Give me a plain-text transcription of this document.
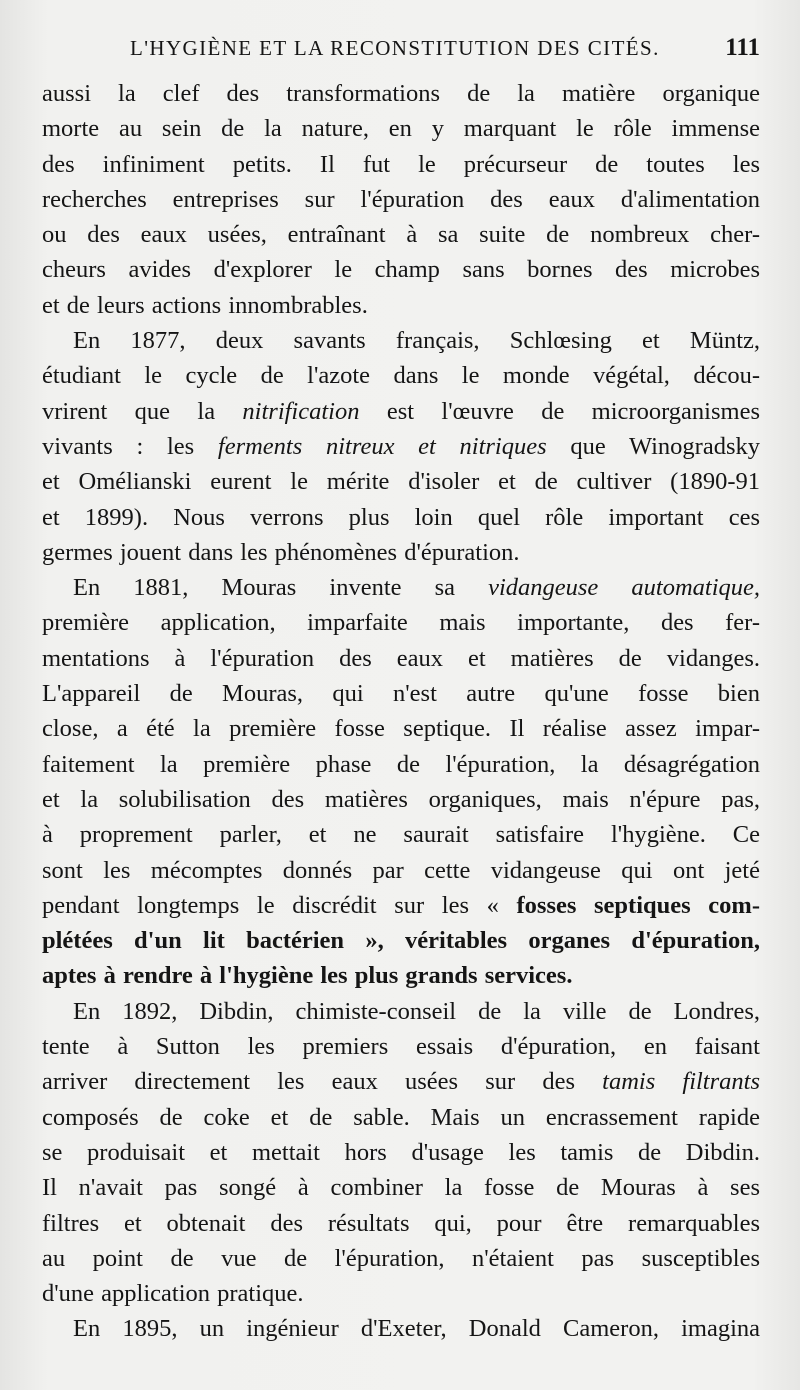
L'HYGIÈNE ET LA RECONSTITUTION DES CITÉS.	111
aussi la clef des transformations de la matière organique
morte au sein de la nature, en y marquant le rôle immense
des infiniment petits. Il fut le précurseur de toutes les
recherches entreprises sur l'épuration des eaux d'alimentation
ou des eaux usées, entraînant à sa suite de nombreux cher-
cheurs avides d'explorer le champ sans bornes des microbes
et de leurs actions innombrables.
En 1877, deux savants français, Schlœsing et Müntz,
étudiant le cycle de l'azote dans le monde végétal, décou-
vrirent que la nitrification est l'œuvre de microorganismes
vivants : les ferments nitreux et nitriques que Winogradsky
et Omélianski eurent le mérite d'isoler et de cultiver (1890-91
et 1899). Nous verrons plus loin quel rôle important ces
germes jouent dans les phénomènes d'épuration.
En 1881, Mouras invente sa vidangeuse automatique,
première application, imparfaite mais importante, des fer-
mentations à l'épuration des eaux et matières de vidanges.
L'appareil de Mouras, qui n'est autre qu'une fosse bien
close, a été la première fosse septique. Il réalise assez impar-
faitement la première phase de l'épuration, la désagrégation
et la solubilisation des matières organiques, mais n'épure pas,
à proprement parler, et ne saurait satisfaire l'hygiène. Ce
sont les mécomptes donnés par cette vidangeuse qui ont jeté
pendant longtemps le discrédit sur les « fosses septiques com-
plétées d'un lit bactérien », véritables organes d'épuration,
aptes à rendre à l'hygiène les plus grands services.
En 1892, Dibdin, chimiste-conseil de la ville de Londres,
tente à Sutton les premiers essais d'épuration, en faisant
arriver directement les eaux usées sur des tamis filtrants
composés de coke et de sable. Mais un encrassement rapide
se produisait et mettait hors d'usage les tamis de Dibdin.
Il n'avait pas songé à combiner la fosse de Mouras à ses
filtres et obtenait des résultats qui, pour être remarquables
au point de vue de l'épuration, n'étaient pas susceptibles
d'une application pratique.
En 1895, un ingénieur d'Exeter, Donald Cameron, imagina
